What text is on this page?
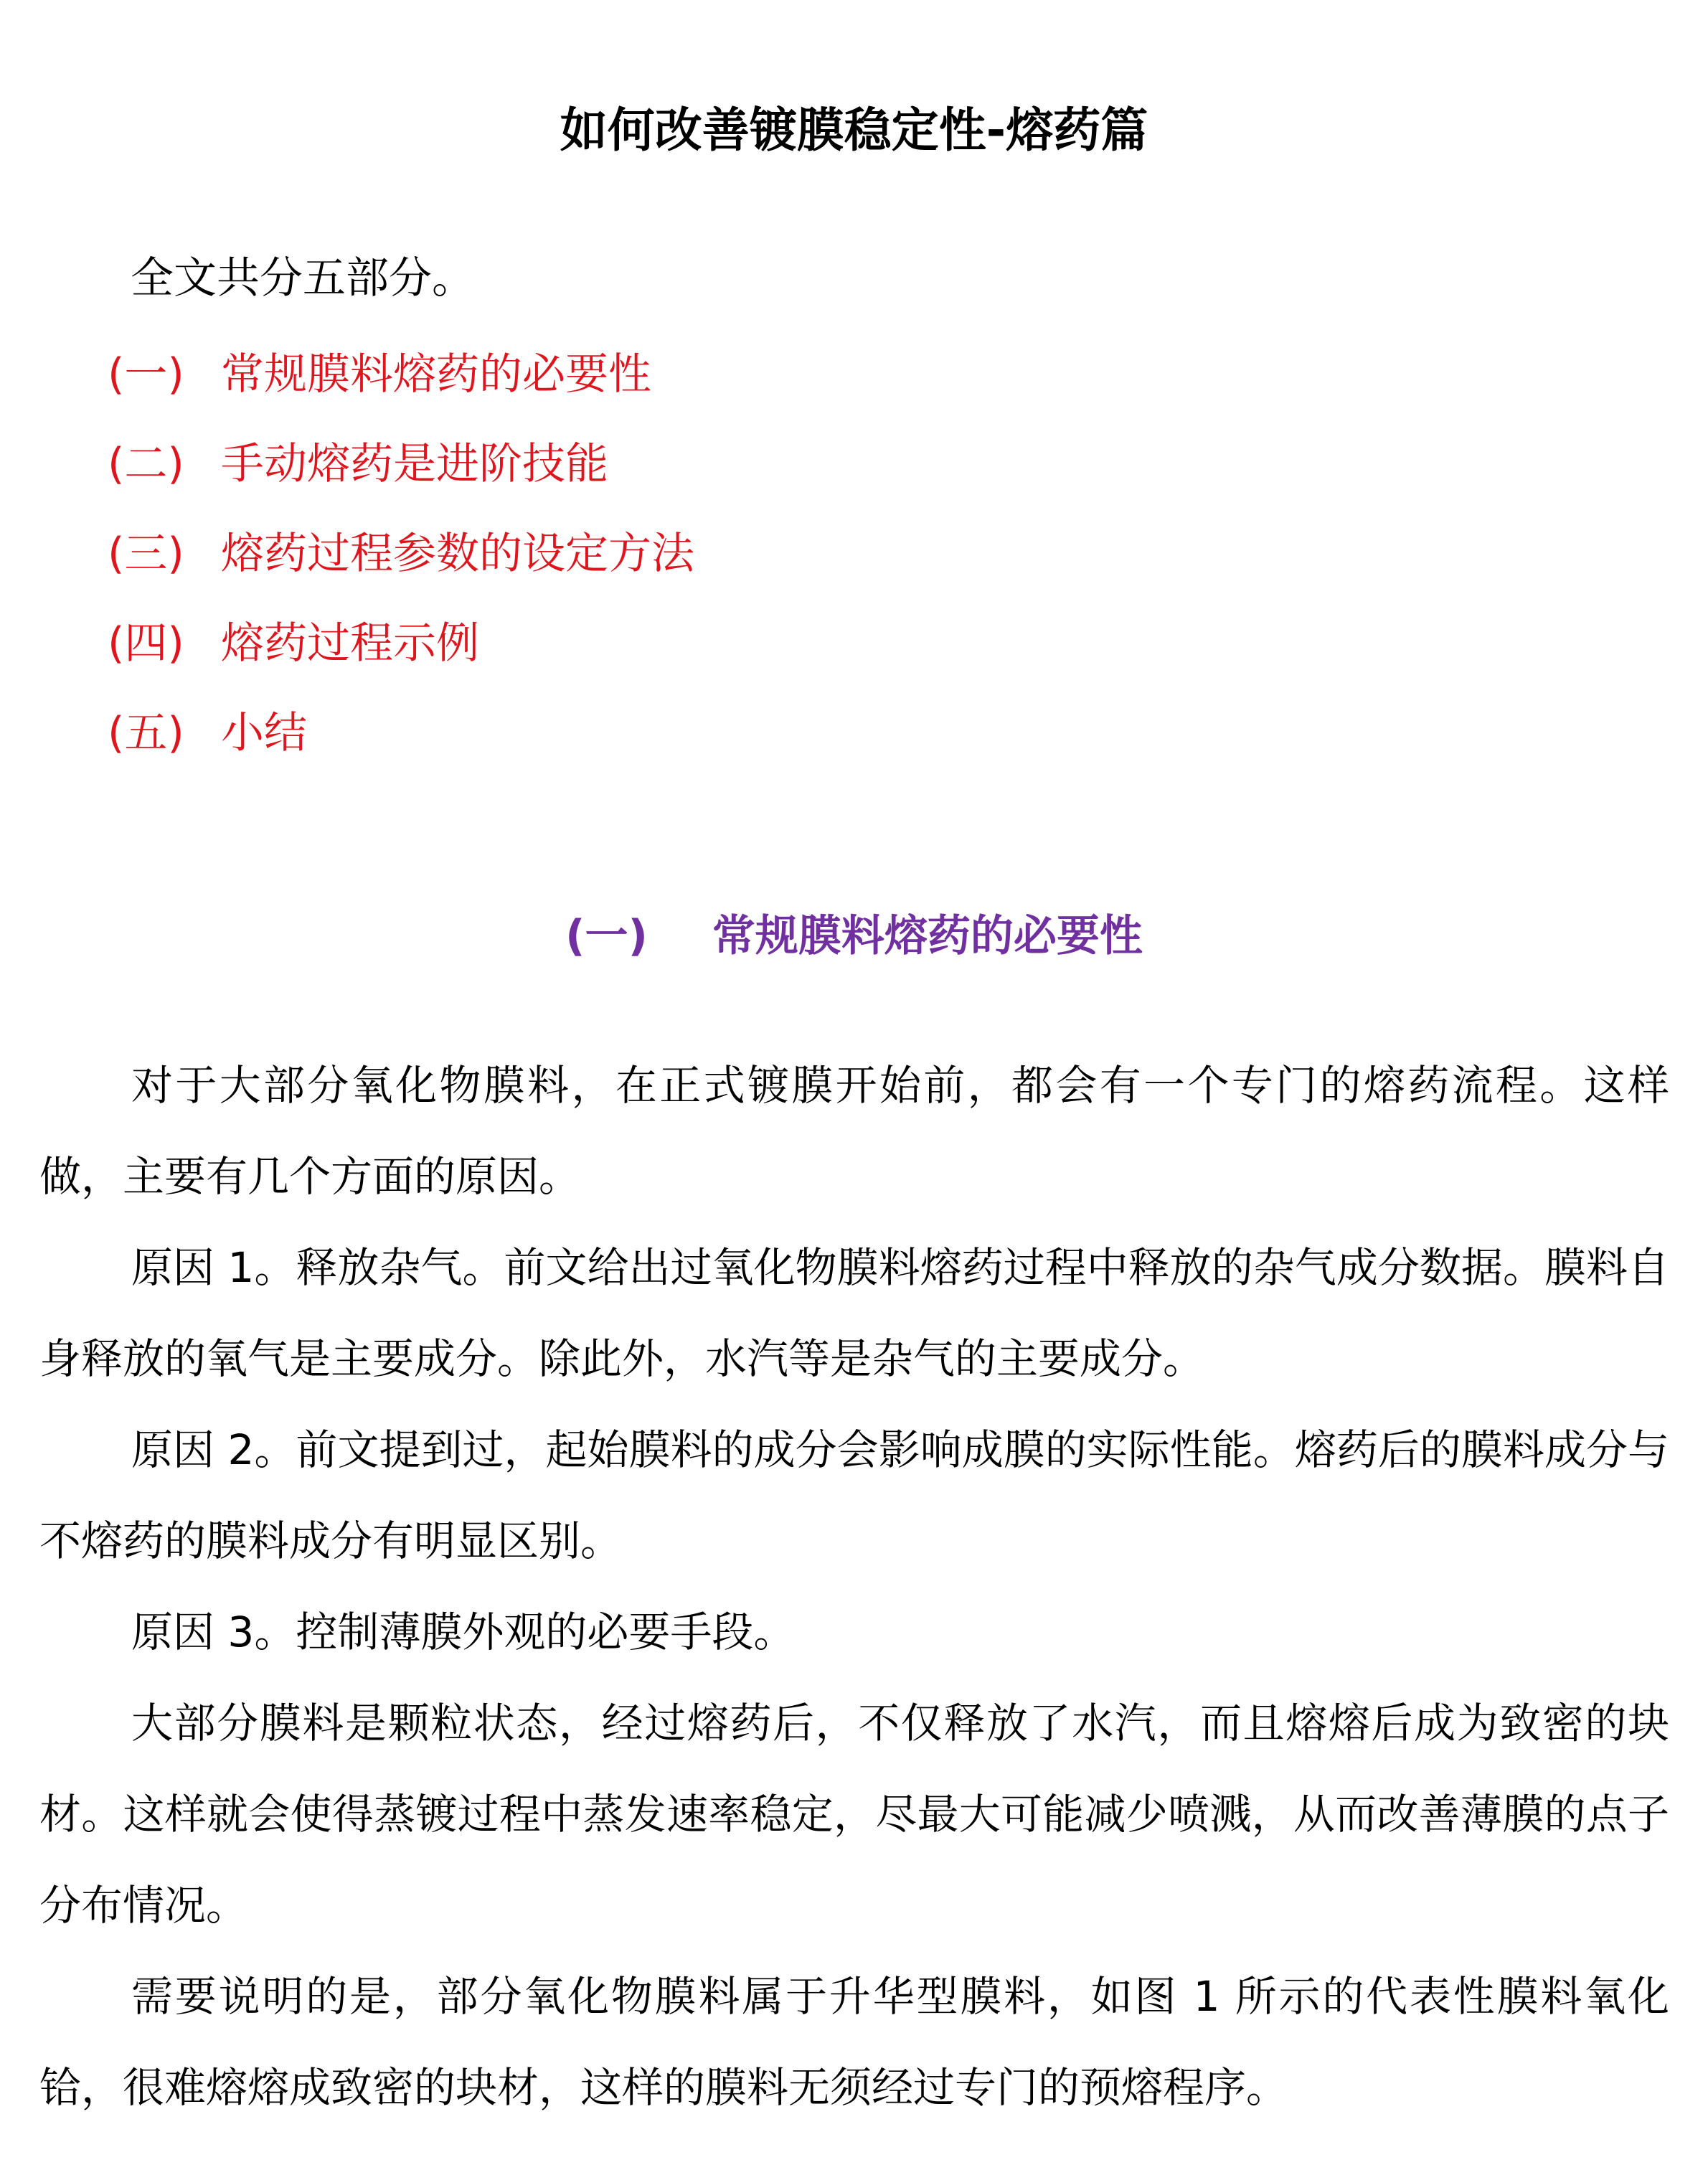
如何改善镀膜稳定性-熔药篇
全文共分五部分。
(一) 常规膜料熔药的必要性
(二) 手动熔药是进阶技能
(三) 熔药过程参数的设定方法
(四) 熔药过程示例
(五) 小结
(一) 常规膜料熔药的必要性

对于大部分氧化物膜料，在正式镀膜开始前，都会有一个专门的熔药流程。这样做，主要有几个方面的原因。

原因 1。释放杂气。前文给出过氧化物膜料熔药过程中释放的杂气成分数据。膜料自身释放的氧气是主要成分。除此外，水汽等是杂气的主要成分。

原因 2。前文提到过，起始膜料的成分会影响成膜的实际性能。熔药后的膜料成分与不熔药的膜料成分有明显区别。

原因 3。控制薄膜外观的必要手段。

大部分膜料是颗粒状态，经过熔药后，不仅释放了水汽，而且熔熔后成为致密的块材。这样就会使得蒸镀过程中蒸发速率稳定，尽最大可能减少喷溅，从而改善薄膜的点子分布情况。

需要说明的是，部分氧化物膜料属于升华型膜料，如图 1 所示的代表性膜料氧化铪，很难熔熔成致密的块材，这样的膜料无须经过专门的预熔程序。
